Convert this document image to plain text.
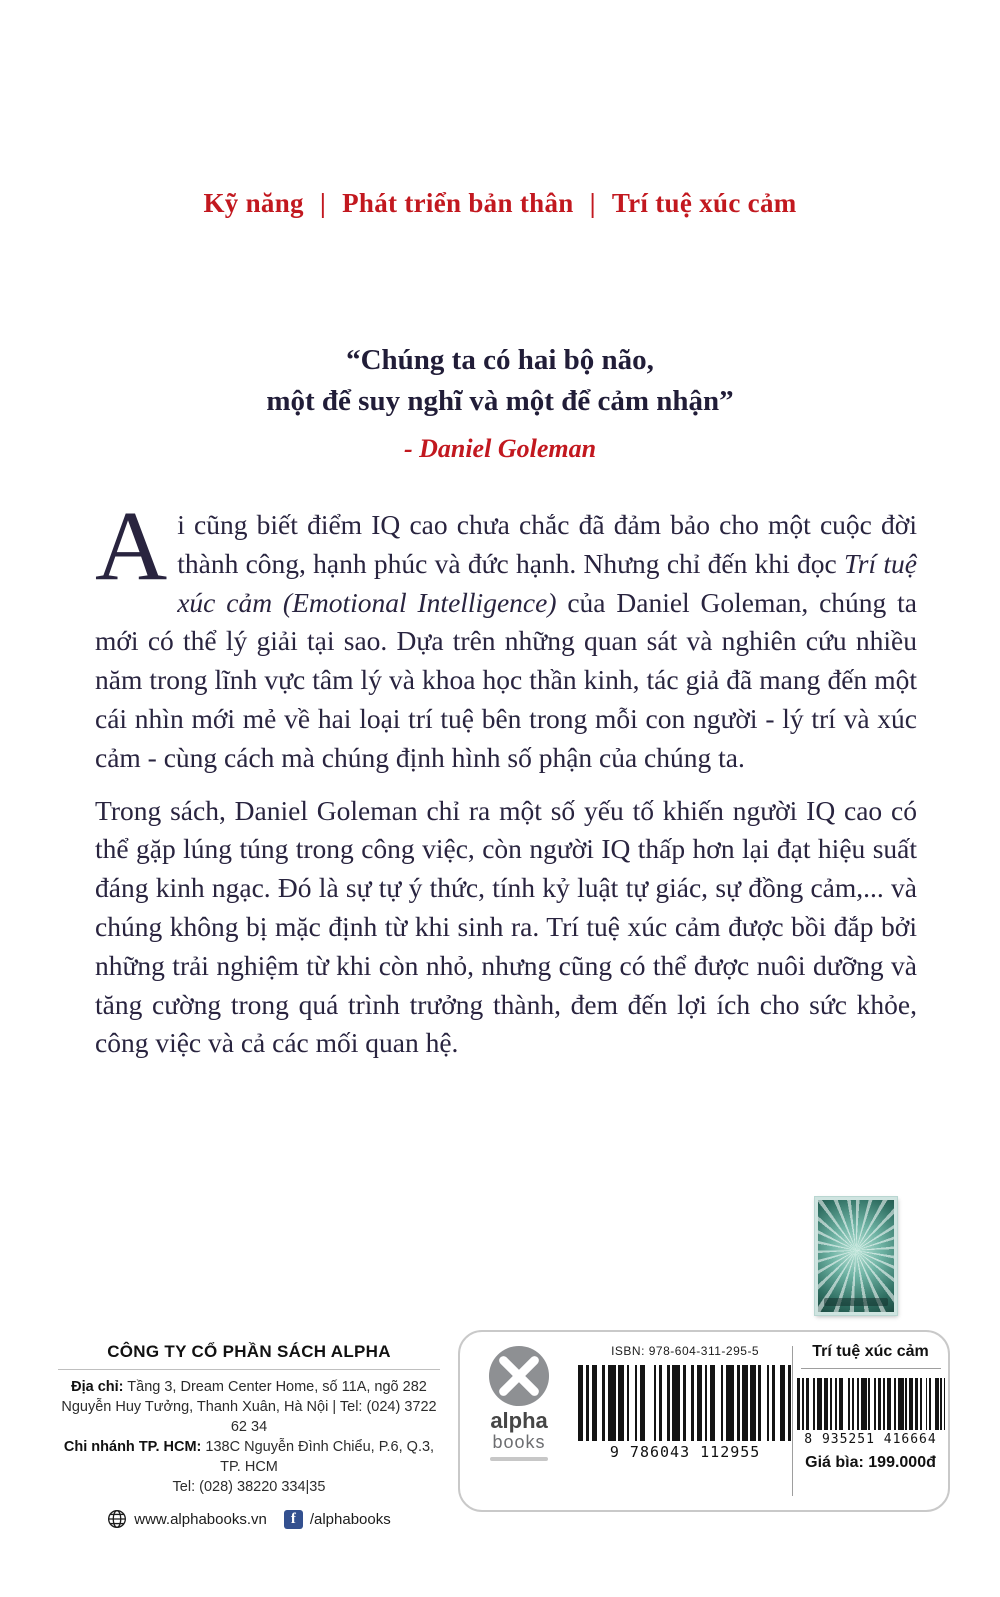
Kỹ năng | Phát triển bản thân | Trí tuệ xúc cảm
“Chúng ta có hai bộ não,
một để suy nghĩ và một để cảm nhận”
- Daniel Goleman

Ai cũng biết điểm IQ cao chưa chắc đã đảm bảo cho một cuộc đời thành công, hạnh phúc và đức hạnh. Nhưng chỉ đến khi đọc Trí tuệ xúc cảm (Emotional Intelligence) của Daniel Goleman, chúng ta mới có thể lý giải tại sao. Dựa trên những quan sát và nghiên cứu nhiều năm trong lĩnh vực tâm lý và khoa học thần kinh, tác giả đã mang đến một cái nhìn mới mẻ về hai loại trí tuệ bên trong mỗi con người - lý trí và xúc cảm - cùng cách mà chúng định hình số phận của chúng ta.

Trong sách, Daniel Goleman chỉ ra một số yếu tố khiến người IQ cao có thể gặp lúng túng trong công việc, còn người IQ thấp hơn lại đạt hiệu suất đáng kinh ngạc. Đó là sự tự ý thức, tính kỷ luật tự giác, sự đồng cảm,... và chúng không bị mặc định từ khi sinh ra. Trí tuệ xúc cảm được bồi đắp bởi những trải nghiệm từ khi còn nhỏ, nhưng cũng có thể được nuôi dưỡng và tăng cường trong quá trình trưởng thành, đem đến lợi ích cho sức khỏe, công việc và cả các mối quan hệ.

CÔNG TY CỔ PHẦN SÁCH ALPHA
Địa chỉ: Tầng 3, Dream Center Home, số 11A, ngõ 282
Nguyễn Huy Tưởng, Thanh Xuân, Hà Nội | Tel: (024) 3722 62 34
Chi nhánh TP. HCM: 138C Nguyễn Đình Chiểu, P.6, Q.3, TP. HCM
Tel: (028) 38220 334|35
www.alphabooks.vn	f /alphabooks
alpha
books
ISBN: 978-604-311-295-5
9 786043 112955
Trí tuệ xúc cảm
8 935251 416664
Giá bìa: 199.000đ
